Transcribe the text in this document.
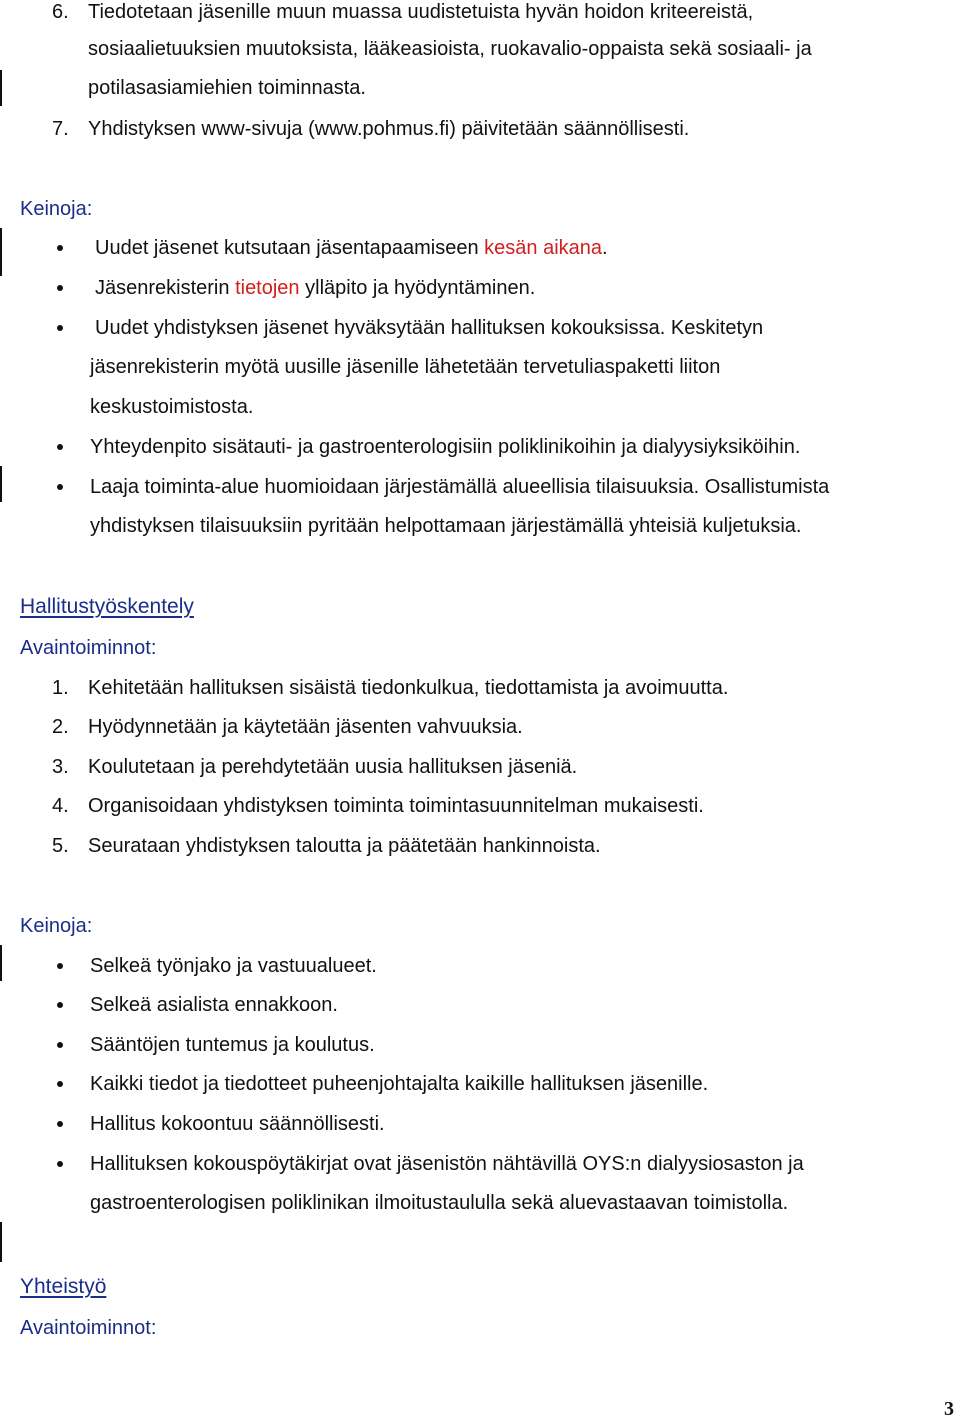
6. Tiedotetaan jäsenille muun muassa uudistetuista hyvän hoidon kriteereistä,
sosiaalietuuksien muutoksista, lääkeasioista, ruokavalio-oppaista sekä sosiaali- ja
potilasasiamiehien toiminnasta.
7. Yhdistyksen www-sivuja (www.pohmus.fi) päivitetään säännöllisesti.
Keinoja:
Uudet jäsenet kutsutaan jäsentapaamiseen kesän aikana.
Jäsenrekisterin tietojen ylläpito ja hyödyntäminen.
Uudet yhdistyksen jäsenet hyväksytään hallituksen kokouksissa. Keskitetyn
jäsenrekisterin myötä uusille jäsenille lähetetään tervetuliaspaketti liiton
keskustoimistosta.
Yhteydenpito sisätauti- ja gastroenterologisiin poliklinikoihin ja dialyysiyksiköihin.
Laaja toiminta-alue huomioidaan järjestämällä alueellisia tilaisuuksia. Osallistumista
yhdistyksen tilaisuuksiin pyritään helpottamaan järjestämällä yhteisiä kuljetuksia.
Hallitustyöskentely
Avaintoiminnot:
1. Kehitetään hallituksen sisäistä tiedonkulkua, tiedottamista ja avoimuutta.
2. Hyödynnetään ja käytetään jäsenten vahvuuksia.
3. Koulutetaan ja perehdytetään uusia hallituksen jäseniä.
4. Organisoidaan yhdistyksen toiminta toimintasuunnitelman mukaisesti.
5. Seurataan yhdistyksen taloutta ja päätetään hankinnoista.
Keinoja:
Selkeä työnjako ja vastuualueet.
Selkeä asialista ennakkoon.
Sääntöjen tuntemus ja koulutus.
Kaikki tiedot ja tiedotteet puheenjohtajalta kaikille hallituksen jäsenille.
Hallitus kokoontuu säännöllisesti.
Hallituksen kokouspöytäkirjat ovat jäsenistön nähtävillä OYS:n dialyysiosaston ja
gastroenterologisen poliklinikan ilmoitustaululla sekä aluevastaavan toimistolla.
Yhteistyö
Avaintoiminnot:
3
